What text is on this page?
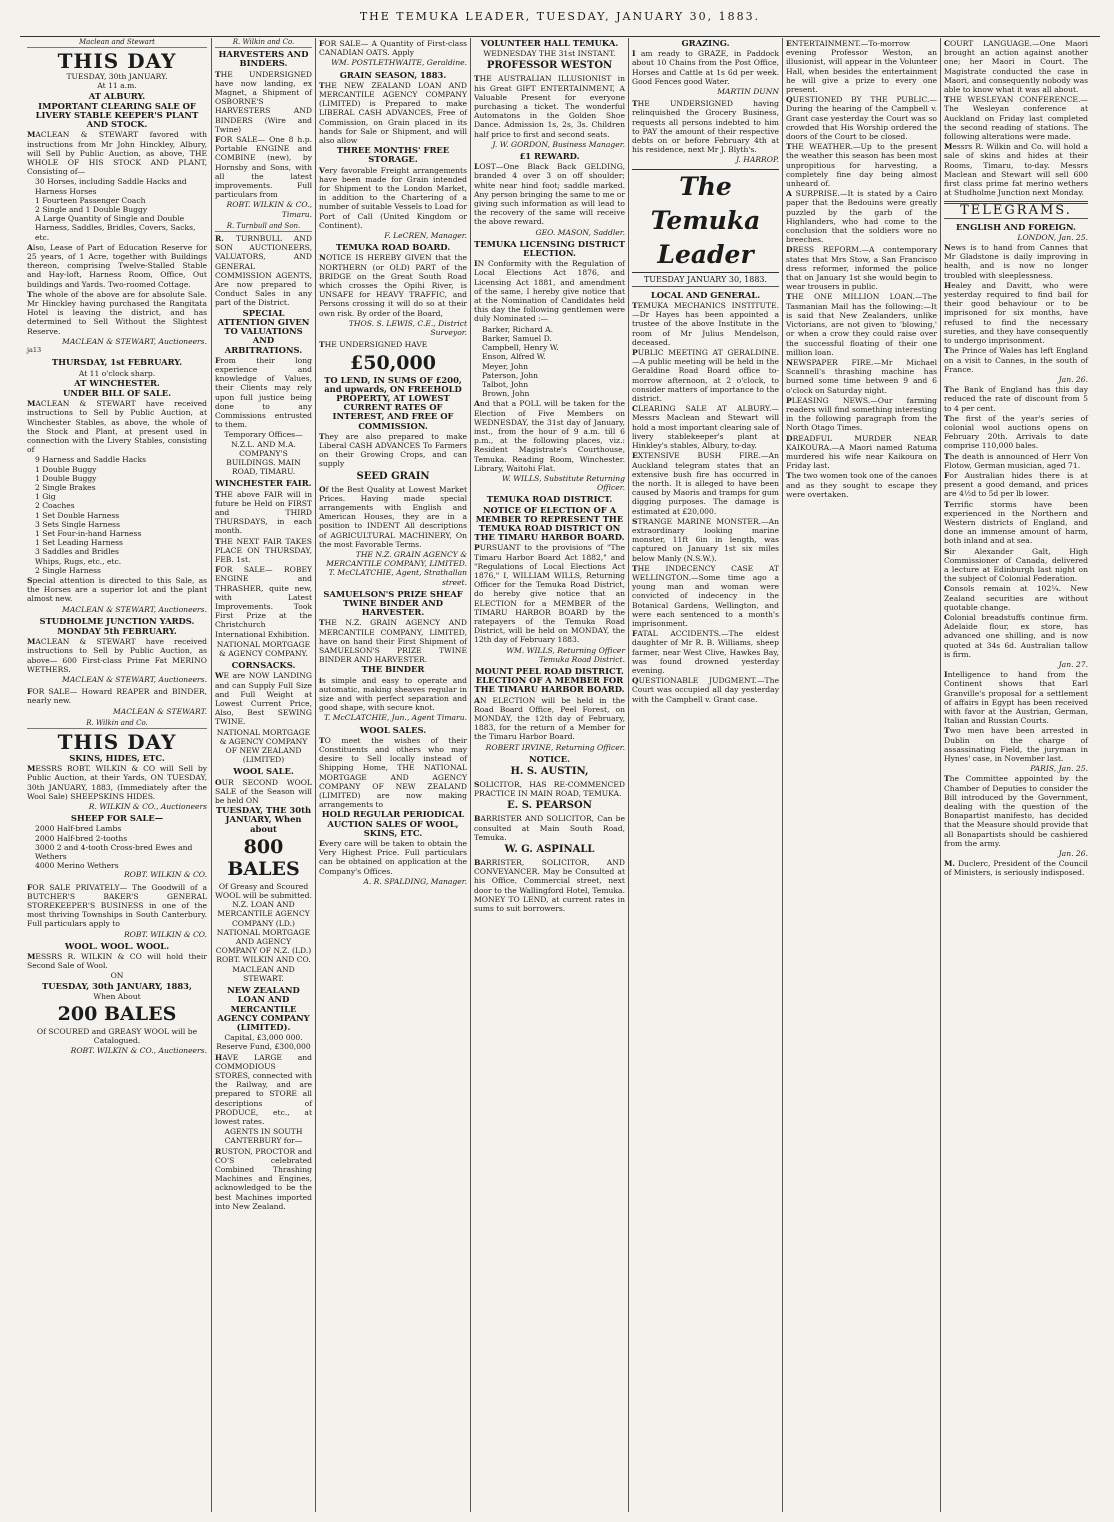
THE TEMUKA LEADER, TUESDAY, JANUARY 30, 1883.
Maclean and Stewart
THIS DAY
TUESDAY, 30th JANUARY.
At 11 a.m.
AT ALBURY.
IMPORTANT CLEARING SALE OF LIVERY STABLE KEEPER'S PLANT AND STOCK.
MACLEAN & STEWART favored with instructions from Mr John Hinckley, Albury, will Sell by Public Auction, as above, THE WHOLE OF HIS STOCK AND PLANT, Consisting of—
30 Horses, including Saddle Hacks and Harness Horses
1 Fourteen Passenger Coach
2 Single and 1 Double Buggy
A Large Quantity of Single and Double Harness, Saddles, Bridles, Covers, Sacks, etc.
Also, Lease of Part of Education Reserve for 25 years, of 1 Acre, together with Buildings thereon, comprising Twelve-Stalled Stable and Hay-loft, Harness Room, Office, Out buildings and Yards. Two-roomed Cottage.
The whole of the above are for absolute Sale. Mr Hinckley having purchased the Rangitata Hotel is leaving the district, and has determined to Sell Without the Slightest Reserve.
MACLEAN & STEWART, Auctioneers.
ja13
THURSDAY, 1st FEBRUARY.
At 11 o'clock sharp.
AT WINCHESTER.
UNDER BILL OF SALE.
MACLEAN & STEWART have received instructions to Sell by Public Auction, at Winchester Stables, as above, the whole of the Stock and Plant, at present used in connection with the Livery Stables, consisting of
9 Harness and Saddle Hacks
1 Double Buggy
1 Double Buggy
2 Single Brakes
1 Gig
2 Coaches
1 Set Double Harness
3 Sets Single Harness
1 Set Four-in-hand Harness
1 Set Leading Harness
3 Saddles and Bridles
Whips, Rugs, etc., etc.
2 Single Harness
Special attention is directed to this Sale, as the Horses are a superior lot and the plant almost new.
MACLEAN & STEWART, Auctioneers.
STUDHOLME JUNCTION YARDS.
MONDAY 5th FEBRUARY.
MACLEAN & STEWART have received instructions to Sell by Public Auction, as above— 600 First-class Prime Fat MERINO WETHERS.
MACLEAN & STEWART, Auctioneers.
FOR SALE— Howard REAPER and BINDER, nearly new.
MACLEAN & STEWART.
R. Wilkin and Co.
THIS DAY
SKINS, HIDES, ETC.
MESSRS ROBT. WILKIN & CO will Sell by Public Auction, at their Yards, ON TUESDAY, 30th JANUARY, 1883, (Immediately after the Wool Sale) SHEEPSKINS HIDES.
R. WILKIN & CO., Auctioneers
SHEEP FOR SALE—
2000 Half-bred Lambs
2000 Half-bred 2-tooths
3000 2 and 4-tooth Cross-bred Ewes and Wethers
4000 Merino Wethers
ROBT. WILKIN & CO.
FOR SALE PRIVATELY— The Goodwill of a BUTCHER'S BAKER'S GENERAL STOREKEEPER'S BUSINESS in one of the most thriving Townships in South Canterbury. Full particulars apply to
ROBT. WILKIN & CO.
WOOL. WOOL. WOOL.
MESSRS R. WILKIN & CO will hold their Second Sale of Wool.
ON
TUESDAY, 30th JANUARY, 1883,
When About
200 BALES
Of SCOURED and GREASY WOOL will be Catalogued.
ROBT. WILKIN & CO., Auctioneers.
R. Wilkin and Co.
HARVESTERS AND BINDERS.
THE UNDERSIGNED have now landing, ex Magnet, a Shipment of OSBORNE'S HARVESTERS AND BINDERS (Wire and Twine)
FOR SALE— One 8 h.p. Portable ENGINE and COMBINE (new), by Hornsby and Sons, with all the latest improvements. Full particulars from
ROBT. WILKIN & CO., Timaru.
R. Turnbull and Son.
R. TURNBULL AND SON AUCTIONEERS, VALUATORS, AND GENERAL COMMISSION AGENTS, Are now prepared to Conduct Sales in any part of the District.
SPECIAL ATTENTION GIVEN TO VALUATIONS AND ARBITRATIONS.
From their long experience and knowledge of Values, their Clients may rely upon full justice being done to any Commissions entrusted to them.
Temporary Offices— N.Z.L. AND M.A. COMPANY'S BUILDINGS. MAIN ROAD, TIMARU.
WINCHESTER FAIR.
THE above FAIR will in future be Held on FIRST and THIRD THURSDAYS, in each month.
THE NEXT FAIR TAKES PLACE ON THURSDAY, FEB. 1st.
FOR SALE— ROBEY ENGINE and THRASHER, quite new, with Latest Improvements. Took First Prize at the Christchurch International Exhibition.
NATIONAL MORTGAGE & AGENCY COMPANY.
CORNSACKS.
WE are NOW LANDING and can Supply Full Size and Full Weight at Lowest Current Price, Also, Best SEWING TWINE.
NATIONAL MORTGAGE & AGENCY COMPANY OF NEW ZEALAND (LIMITED)
WOOL SALE.
OUR SECOND WOOL SALE of the Season will be held ON
TUESDAY, THE 30th JANUARY, When about
800 BALES
Of Greasy and Scoured WOOL will be submitted.
N.Z. LOAN AND MERCANTILE AGENCY COMPANY (LD.) NATIONAL MORTGAGE AND AGENCY COMPANY OF N.Z. (LD.) ROBT. WILKIN AND CO. MACLEAN AND STEWART.
NEW ZEALAND LOAN AND MERCANTILE AGENCY COMPANY (LIMITED).
Capital, £3,000 000. Reserve Fund, £300,000
HAVE LARGE and COMMODIOUS STORES, connected with the Railway, and are prepared to STORE all descriptions of PRODUCE, etc., at lowest rates.
AGENTS IN SOUTH CANTERBURY for—
RUSTON, PROCTOR and CO'S celebrated Combined Thrashing Machines and Engines, acknowledged to be the best Machines imported into New Zealand.
FOR SALE— A Quantity of First-class CANADIAN OATS. Apply
WM. POSTLETHWAITE, Geraldine.
GRAIN SEASON, 1883.
THE NEW ZEALAND LOAN AND MERCANTILE AGENCY COMPANY (LIMITED) is Prepared to make LIBERAL CASH ADVANCES, Free of Commission, on Grain placed in its hands for Sale or Shipment, and will also allow
THREE MONTHS' FREE STORAGE.
Very favorable Freight arrangements have been made for Grain intended for Shipment to the London Market, in addition to the Chartering of a number of suitable Vessels to Load for Port of Call (United Kingdom or Continent).
F. LeCREN, Manager.
TEMUKA ROAD BOARD.
NOTICE IS HEREBY GIVEN that the NORTHERN (or OLD) PART of the BRIDGE on the Great South Road which crosses the Opihi River, is UNSAFE for HEAVY TRAFFIC, and Persons crossing it will do so at their own risk. By order of the Board,
THOS. S. LEWIS, C.E., District Surveyor.
THE UNDERSIGNED HAVE
£50,000
TO LEND, IN SUMS OF £200, and upwards, ON FREEHOLD PROPERTY, AT LOWEST CURRENT RATES OF INTEREST, AND FREE OF COMMISSION.
They are also prepared to make Liberal CASH ADVANCES To Farmers on their Growing Crops, and can supply
SEED GRAIN
Of the Best Quality at Lowest Market Prices. Having made special arrangements with English and American Houses, they are in a position to INDENT All descriptions of AGRICULTURAL MACHINERY, On the most Favorable Terms.
THE N.Z. GRAIN AGENCY & MERCANTILE COMPANY, LIMITED. T. McCLATCHIE, Agent, Strathallan street.
SAMUELSON'S PRIZE SHEAF TWINE BINDER AND HARVESTER.
THE N.Z. GRAIN AGENCY AND MERCANTILE COMPANY, LIMITED, have on hand their First Shipment of SAMUELSON'S PRIZE TWINE BINDER AND HARVESTER.
THE BINDER
is simple and easy to operate and automatic, making sheaves regular in size and with perfect separation and good shape, with secure knot.
T. McCLATCHIE, Jun., Agent Timaru.
WOOL SALES.
TO meet the wishes of their Constituents and others who may desire to Sell locally instead of Shipping Home, THE NATIONAL MORTGAGE AND AGENCY COMPANY OF NEW ZEALAND (LIMITED) are now making arrangements to
HOLD REGULAR PERIODICAL AUCTION SALES OF WOOL, SKINS, ETC.
Every care will be taken to obtain the Very Highest Price. Full particulars can be obtained on application at the Company's Offices.
A. R. SPALDING, Manager.
VOLUNTEER HALL TEMUKA.
WEDNESDAY THE 31st INSTANT.
PROFESSOR WESTON
THE AUSTRALIAN ILLUSIONIST in his Great GIFT ENTERTAINMENT, A Valuable Present for everyone purchasing a ticket. The wonderful Automatons in the Golden Shoe Dance. Admission 1s, 2s, 3s. Children half price to first and second seats.
J. W. GORDON, Business Manager.
£1 REWARD.
LOST—One Black Back GELDING, branded 4 over 3 on off shoulder; white near hind foot; saddle marked. Any person bringing the same to me or giving such information as will lead to the recovery of the same will receive the above reward.
GEO. MASON, Saddler.
TEMUKA LICENSING DISTRICT ELECTION.
IN Conformity with the Regulation of Local Elections Act 1876, and Licensing Act 1881, and amendment of the same, I hereby give notice that at the Nomination of Candidates held this day the following gentlemen were duly Nominated :—
Barker, Richard A.
Barker, Samuel D.
Campbell, Henry W.
Enson, Alfred W.
Meyer, John
Paterson, John
Talbot, John
Brown, John
And that a POLL will be taken for the Election of Five Members on WEDNESDAY, the 31st day of January, inst., from the hour of 9 a.m. till 6 p.m., at the following places, viz.: Resident Magistrate's Courthouse, Temuka. Reading Room, Winchester. Library, Waitohi Flat.
W. WILLS, Substitute Returning Officer.
TEMUKA ROAD DISTRICT.
NOTICE OF ELECTION OF A MEMBER TO REPRESENT THE TEMUKA ROAD DISTRICT ON THE TIMARU HARBOR BOARD.
PURSUANT to the provisions of "The Timaru Harbor Board Act 1882," and "Regulations of Local Elections Act 1876," I, WILLIAM WILLS, Returning Officer for the Temuka Road District, do hereby give notice that an ELECTION for a MEMBER of the TIMARU HARBOR BOARD by the ratepayers of the Temuka Road District, will be held on MONDAY, the 12th day of February 1883.
WM. WILLS, Returning Officer Temuka Road District.
MOUNT PEEL ROAD DISTRICT. ELECTION OF A MEMBER FOR THE TIMARU HARBOR BOARD.
AN ELECTION will be held in the Road Board Office, Peel Forest, on MONDAY, the 12th day of February, 1883, for the return of a Member for the Timaru Harbor Board.
ROBERT IRVINE, Returning Officer.
NOTICE.
H. S. AUSTIN,
SOLICITOR, HAS RE-COMMENCED PRACTICE IN MAIN ROAD, TEMUKA.
E. S. PEARSON
BARRISTER AND SOLICITOR, Can be consulted at Main South Road, Temuka.
W. G. ASPINALL
BARRISTER, SOLICITOR, AND CONVEYANCER. May be Consulted at his Office, Commercial street, next door to the Wallingford Hotel, Temuka. MONEY TO LEND, at current rates in sums to suit borrowers.
GRAZING.
I am ready to GRAZE, in Paddock about 10 Chains from the Post Office, Horses and Cattle at 1s 6d per week. Good Fences good Water.
MARTIN DUNN
THE UNDERSIGNED having relinquished the Grocery Business, requests all persons indebted to him to PAY the amount of their respective debts on or before February 4th at his residence, next Mr J. Blyth's.
J. HARROP.
The Temuka Leader
TUESDAY JANUARY 30, 1883.
LOCAL AND GENERAL.
TEMUKA MECHANICS INSTITUTE.—Dr Hayes has been appointed a trustee of the above Institute in the room of Mr Julius Mendelson, deceased.
PUBLIC MEETING AT GERALDINE.—A public meeting will be held in the Geraldine Road Board office to-morrow afternoon, at 2 o'clock, to consider matters of importance to the district.
CLEARING SALE AT ALBURY.—Messrs Maclean and Stewart will hold a most important clearing sale of livery stablekeeper's plant at Hinkley's stables, Albury, to-day.
EXTENSIVE BUSH FIRE.—An Auckland telegram states that an extensive bush fire has occurred in the north. It is alleged to have been caused by Maoris and tramps for gum digging purposes. The damage is estimated at £20,000.
STRANGE MARINE MONSTER.—An extraordinary looking marine monster, 11ft 6in in length, was captured on January 1st six miles below Manly (N.S.W.).
THE INDECENCY CASE AT WELLINGTON.—Some time ago a young man and woman were convicted of indecency in the Botanical Gardens, Wellington, and were each sentenced to a month's imprisonment.
FATAL ACCIDENTS.—The eldest daughter of Mr R. B. Williams, sheep farmer, near West Clive, Hawkes Bay, was found drowned yesterday evening.
QUESTIONABLE JUDGMENT.—The Court was occupied all day yesterday with the Campbell v. Grant case.
ENTERTAINMENT.—To-morrow evening Professor Weston, an illusionist, will appear in the Volunteer Hall, when besides the entertainment he will give a prize to every one present.
QUESTIONED BY THE PUBLIC.—During the hearing of the Campbell v. Grant case yesterday the Court was so crowded that His Worship ordered the doors of the Court to be closed.
THE WEATHER.—Up to the present the weather this season has been most unpropitious for harvesting, a completely fine day being almost unheard of.
A SURPRISE.—It is stated by a Cairo paper that the Bedouins were greatly puzzled by the garb of the Highlanders, who had come to the conclusion that the soldiers wore no breeches.
DRESS REFORM.—A contemporary states that Mrs Stow, a San Francisco dress reformer, informed the police that on January 1st she would begin to wear trousers in public.
THE ONE MILLION LOAN.—The Tasmanian Mail has the following:—It is said that New Zealanders, unlike Victorians, are not given to 'blowing,' or when a crow they could raise over the successful floating of their one million loan.
NEWSPAPER FIRE.—Mr Michael Scannell's thrashing machine has burned some time between 9 and 6 o'clock on Saturday night.
PLEASING NEWS.—Our farming readers will find something interesting in the following paragraph from the North Otago Times.
DREADFUL MURDER NEAR KAIKOURA.—A Maori named Ratuma murdered his wife near Kaikoura on Friday last.
The two women took one of the canoes and as they sought to escape they were overtaken.
COURT LANGUAGE.—One Maori brought an action against another one; her Maori in Court. The Magistrate conducted the case in Maori, and consequently nobody was able to know what it was all about.
THE WESLEYAN CONFERENCE.—The Wesleyan conference at Auckland on Friday last completed the second reading of stations. The following alterations were made.
Messrs R. Wilkin and Co. will hold a sale of skins and hides at their Rooms, Timaru, to-day. Messrs Maclean and Stewart will sell 600 first class prime fat merino wethers at Studholme Junction next Monday.
TELEGRAMS.
ENGLISH AND FOREIGN.
LONDON, Jan. 25.
News is to hand from Cannes that Mr Gladstone is daily improving in health, and is now no longer troubled with sleeplessness.
Healey and Davitt, who were yesterday required to find bail for their good behaviour or to be imprisoned for six months, have refused to find the necessary sureties, and they have consequently to undergo imprisonment.
The Prince of Wales has left England on a visit to Cannes, in the south of France.
Jan. 26.
The Bank of England has this day reduced the rate of discount from 5 to 4 per cent.
The first of the year's series of colonial wool auctions opens on February 20th. Arrivals to date comprise 110,000 bales.
The death is announced of Herr Von Flotow, German musician, aged 71.
For Australian hides there is at present a good demand, and prices are 4½d to 5d per lb lower.
Terrific storms have been experienced in the Northern and Western districts of England, and done an immense amount of harm, both inland and at sea.
Sir Alexander Galt, High Commissioner of Canada, delivered a lecture at Edinburgh last night on the subject of Colonial Federation.
Consols remain at 102¼. New Zealand securities are without quotable change.
Colonial breadstuffs continue firm. Adelaide flour, ex store, has advanced one shilling, and is now quoted at 34s 6d. Australian tallow is firm.
Jan. 27.
Intelligence to hand from the Continent shows that Earl Granville's proposal for a settlement of affairs in Egypt has been received with favor at the Austrian, German, Italian and Russian Courts.
Two men have been arrested in Dublin on the charge of assassinating Field, the juryman in Hynes' case, in November last.
PARIS, Jan. 25.
The Committee appointed by the Chamber of Deputies to consider the Bill introduced by the Government, dealing with the question of the Bonapartist manifesto, has decided that the Measure should provide that all Bonapartists should be cashiered from the army.
Jan. 26.
M. Duclerc, President of the Council of Ministers, is seriously indisposed.
